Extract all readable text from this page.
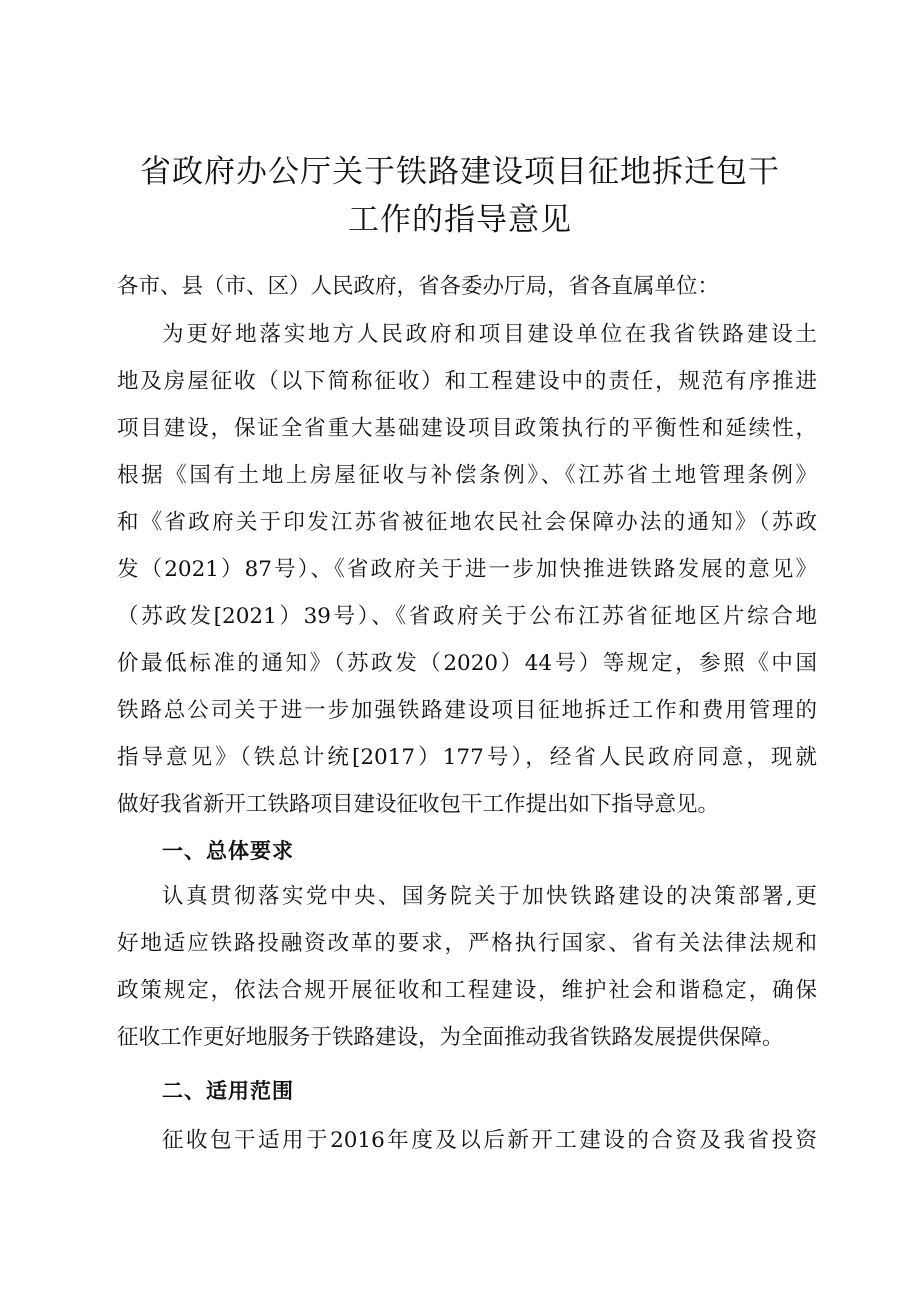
省政府办公厅关于铁路建设项目征地拆迁包干
工作的指导意见
各市、县（市、区）人民政府，省各委办厅局，省各直属单位：
为更好地落实地方人民政府和项目建设单位在我省铁路建设土
地及房屋征收（以下简称征收）和工程建设中的责任，规范有序推进
项目建设，保证全省重大基础建设项目政策执行的平衡性和延续性，
根据《国有土地上房屋征收与补偿条例》、《江苏省土地管理条例》
和《省政府关于印发江苏省被征地农民社会保障办法的通知》（苏政
发（2021）87号）、《省政府关于进一步加快推进铁路发展的意见》
（苏政发[2021）39号）、《省政府关于公布江苏省征地区片综合地
价最低标准的通知》（苏政发（2020）44号）等规定，参照《中国
铁路总公司关于进一步加强铁路建设项目征地拆迁工作和费用管理的
指导意见》（铁总计统[2017）177号），经省人民政府同意，现就
做好我省新开工铁路项目建设征收包干工作提出如下指导意见。
一、总体要求
认真贯彻落实党中央、国务院关于加快铁路建设的决策部署,更
好地适应铁路投融资改革的要求，严格执行国家、省有关法律法规和
政策规定，依法合规开展征收和工程建设，维护社会和谐稳定，确保
征收工作更好地服务于铁路建设，为全面推动我省铁路发展提供保障。
二、适用范围
征收包干适用于2016年度及以后新开工建设的合资及我省投资
